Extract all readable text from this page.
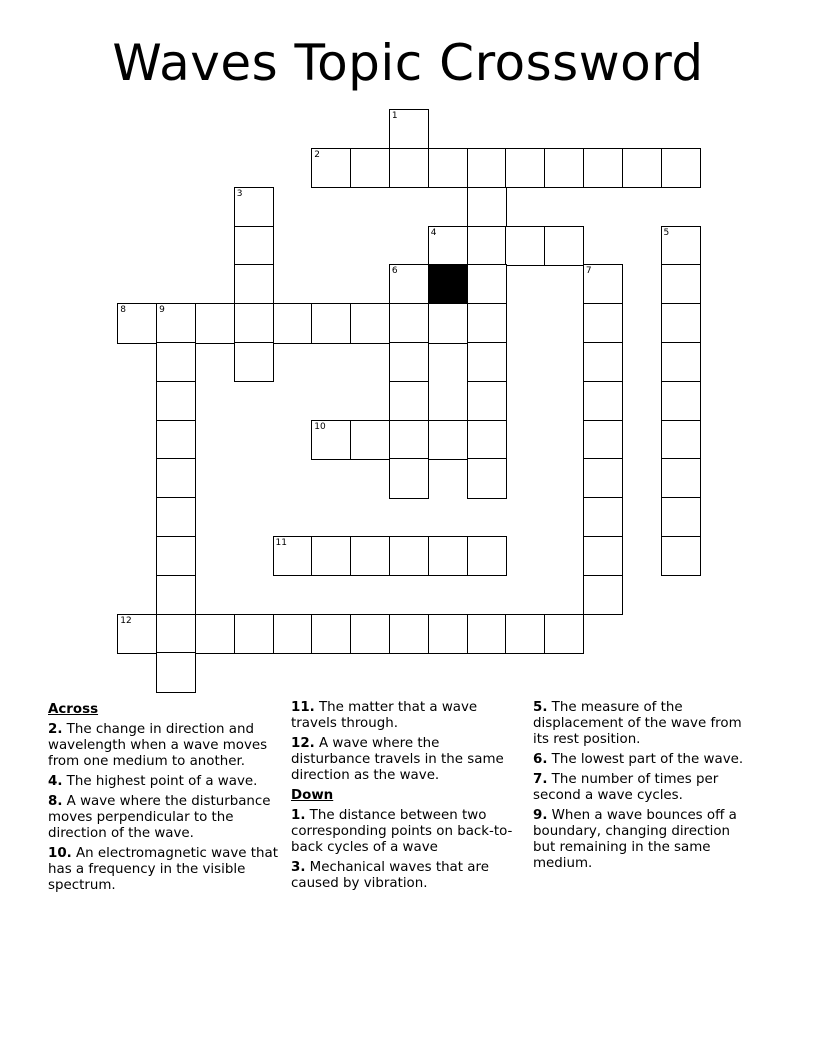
Waves Topic Crossword
1
2
3
4	5
6	7
8	9
10
11
12
Across
2. The change in direction and wavelength when a wave moves from one medium to another.
4. The highest point of a wave.
8. A wave where the disturbance moves perpendicular to the direction of the wave.
10. An electromagnetic wave that has a frequency in the visible spectrum.
11. The matter that a wave travels through.
12. A wave where the disturbance travels in the same direction as the wave.
Down
1. The distance between two corresponding points on back-to-back cycles of a wave
3. Mechanical waves that are caused by vibration.
5. The measure of the displacement of the wave from its rest position.
6. The lowest part of the wave.
7. The number of times per second a wave cycles.
9. When a wave bounces off a boundary, changing direction but remaining in the same medium.
